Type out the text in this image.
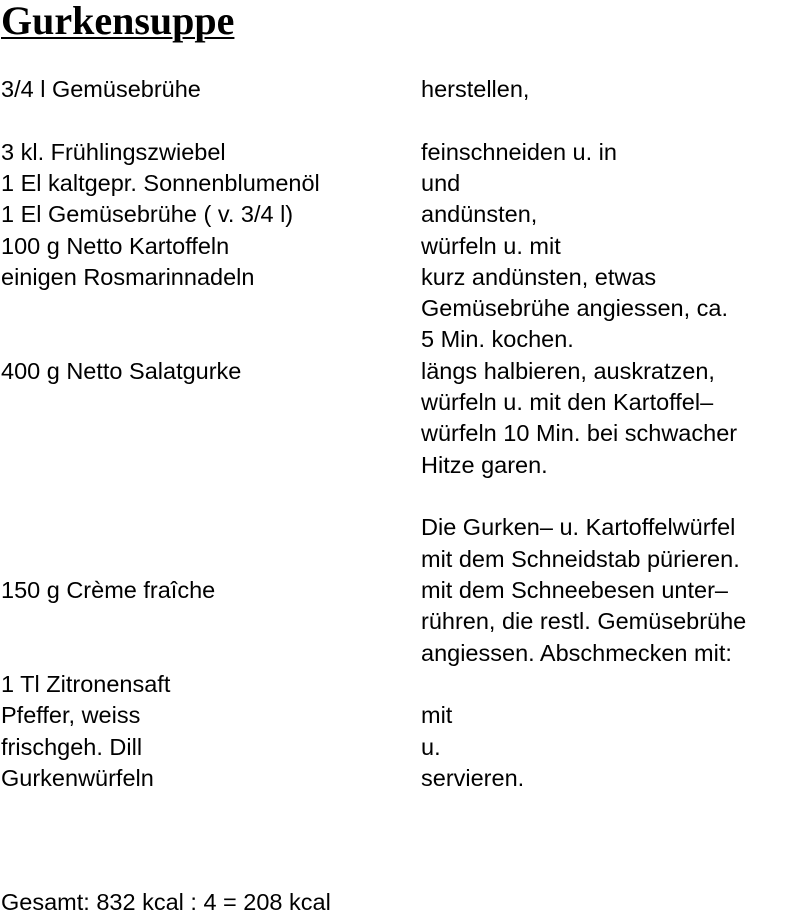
Gurkensuppe
3/4 l Gemüsebrühe
3 kl. Frühlingszwiebel
1 El kaltgepr. Sonnenblumenöl
1 El Gemüsebrühe ( v. 3/4 l)
100 g Netto Kartoffeln
einigen Rosmarinnadeln
400 g Netto Salatgurke
150 g Crème fraîche
1 Tl Zitronensaft
Pfeffer, weiss
frischgeh. Dill
Gurkenwürfeln
herstellen,
feinschneiden u. in
und
andünsten,
würfeln u. mit
kurz andünsten, etwas
Gemüsebrühe angiessen, ca.
5 Min. kochen.
längs halbieren, auskratzen,
würfeln u. mit den Kartoffel–
würfeln 10 Min. bei schwacher
Hitze garen.
Die Gurken– u. Kartoffelwürfel
mit dem Schneidstab pürieren.
mit dem Schneebesen unter–
rühren, die restl. Gemüsebrühe
angiessen. Abschmecken mit:
mit
u.
servieren.
Gesamt: 832 kcal : 4 = 208 kcal
